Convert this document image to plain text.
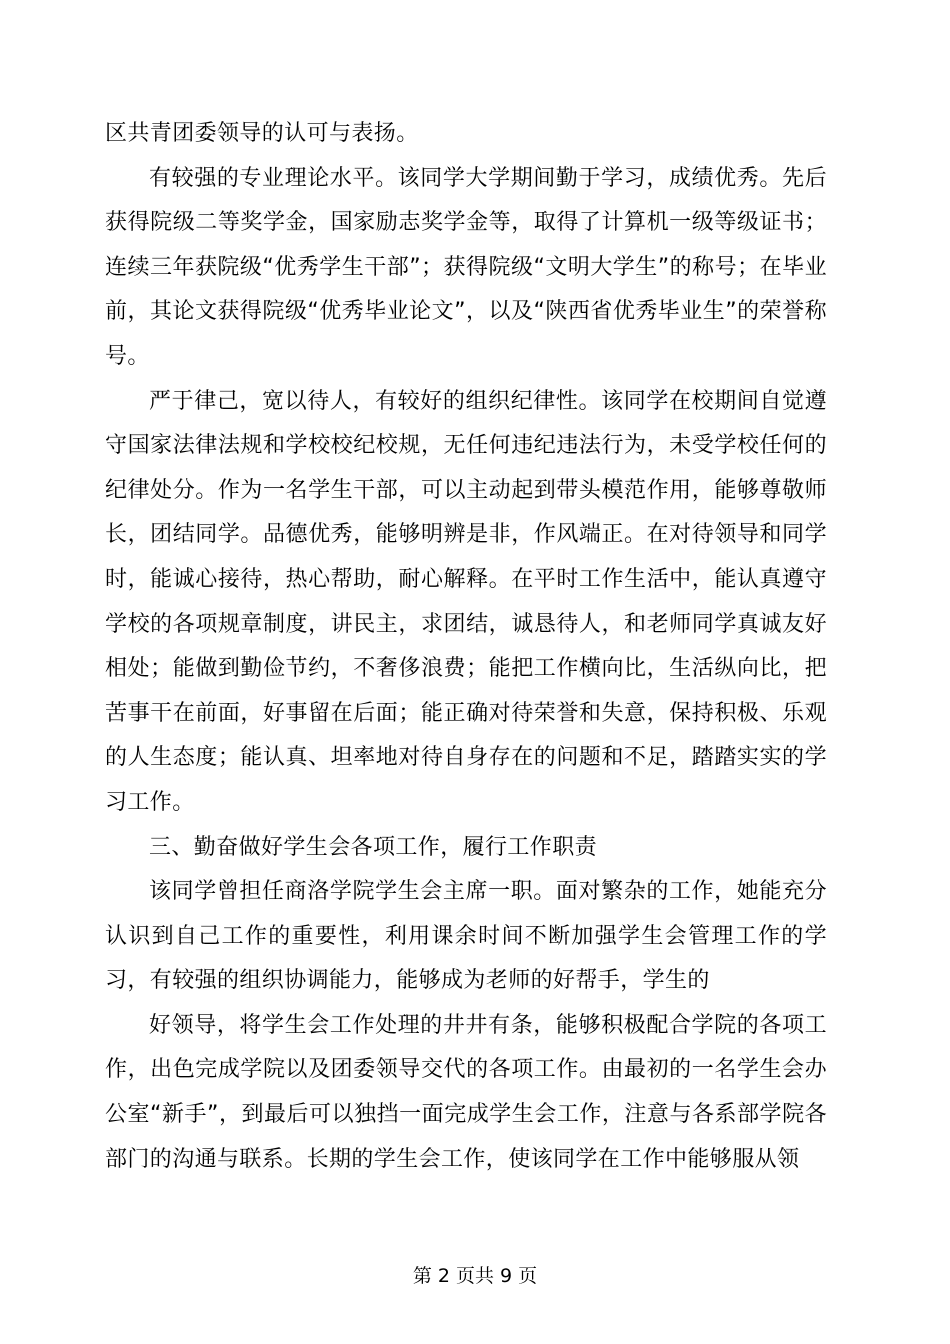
区共青团委领导的认可与表扬。

有较强的专业理论水平。该同学大学期间勤于学习，成绩优秀。先后获得院级二等奖学金，国家励志奖学金等，取得了计算机一级等级证书；连续三年获院级“优秀学生干部”；获得院级“文明大学生”的称号；在毕业前，其论文获得院级“优秀毕业论文”，以及“陕西省优秀毕业生”的荣誉称号。

严于律己，宽以待人，有较好的组织纪律性。该同学在校期间自觉遵守国家法律法规和学校校纪校规，无任何违纪违法行为，未受学校任何的纪律处分。作为一名学生干部，可以主动起到带头模范作用，能够尊敬师长，团结同学。品德优秀，能够明辨是非，作风端正。在对待领导和同学时，能诚心接待，热心帮助，耐心解释。在平时工作生活中，能认真遵守学校的各项规章制度，讲民主，求团结，诚恳待人，和老师同学真诚友好相处；能做到勤俭节约，不奢侈浪费；能把工作横向比，生活纵向比，把苦事干在前面，好事留在后面；能正确对待荣誉和失意，保持积极、乐观的人生态度；能认真、坦率地对待自身存在的问题和不足，踏踏实实的学习工作。

三、勤奋做好学生会各项工作，履行工作职责

该同学曾担任商洛学院学生会主席一职。面对繁杂的工作，她能充分认识到自己工作的重要性，利用课余时间不断加强学生会管理工作的学习，有较强的组织协调能力，能够成为老师的好帮手，学生的

好领导，将学生会工作处理的井井有条，能够积极配合学院的各项工作，出色完成学院以及团委领导交代的各项工作。由最初的一名学生会办公室“新手”，到最后可以独挡一面完成学生会工作，注意与各系部学院各部门的沟通与联系。长期的学生会工作，使该同学在工作中能够服从领

第 2 页共 9 页
